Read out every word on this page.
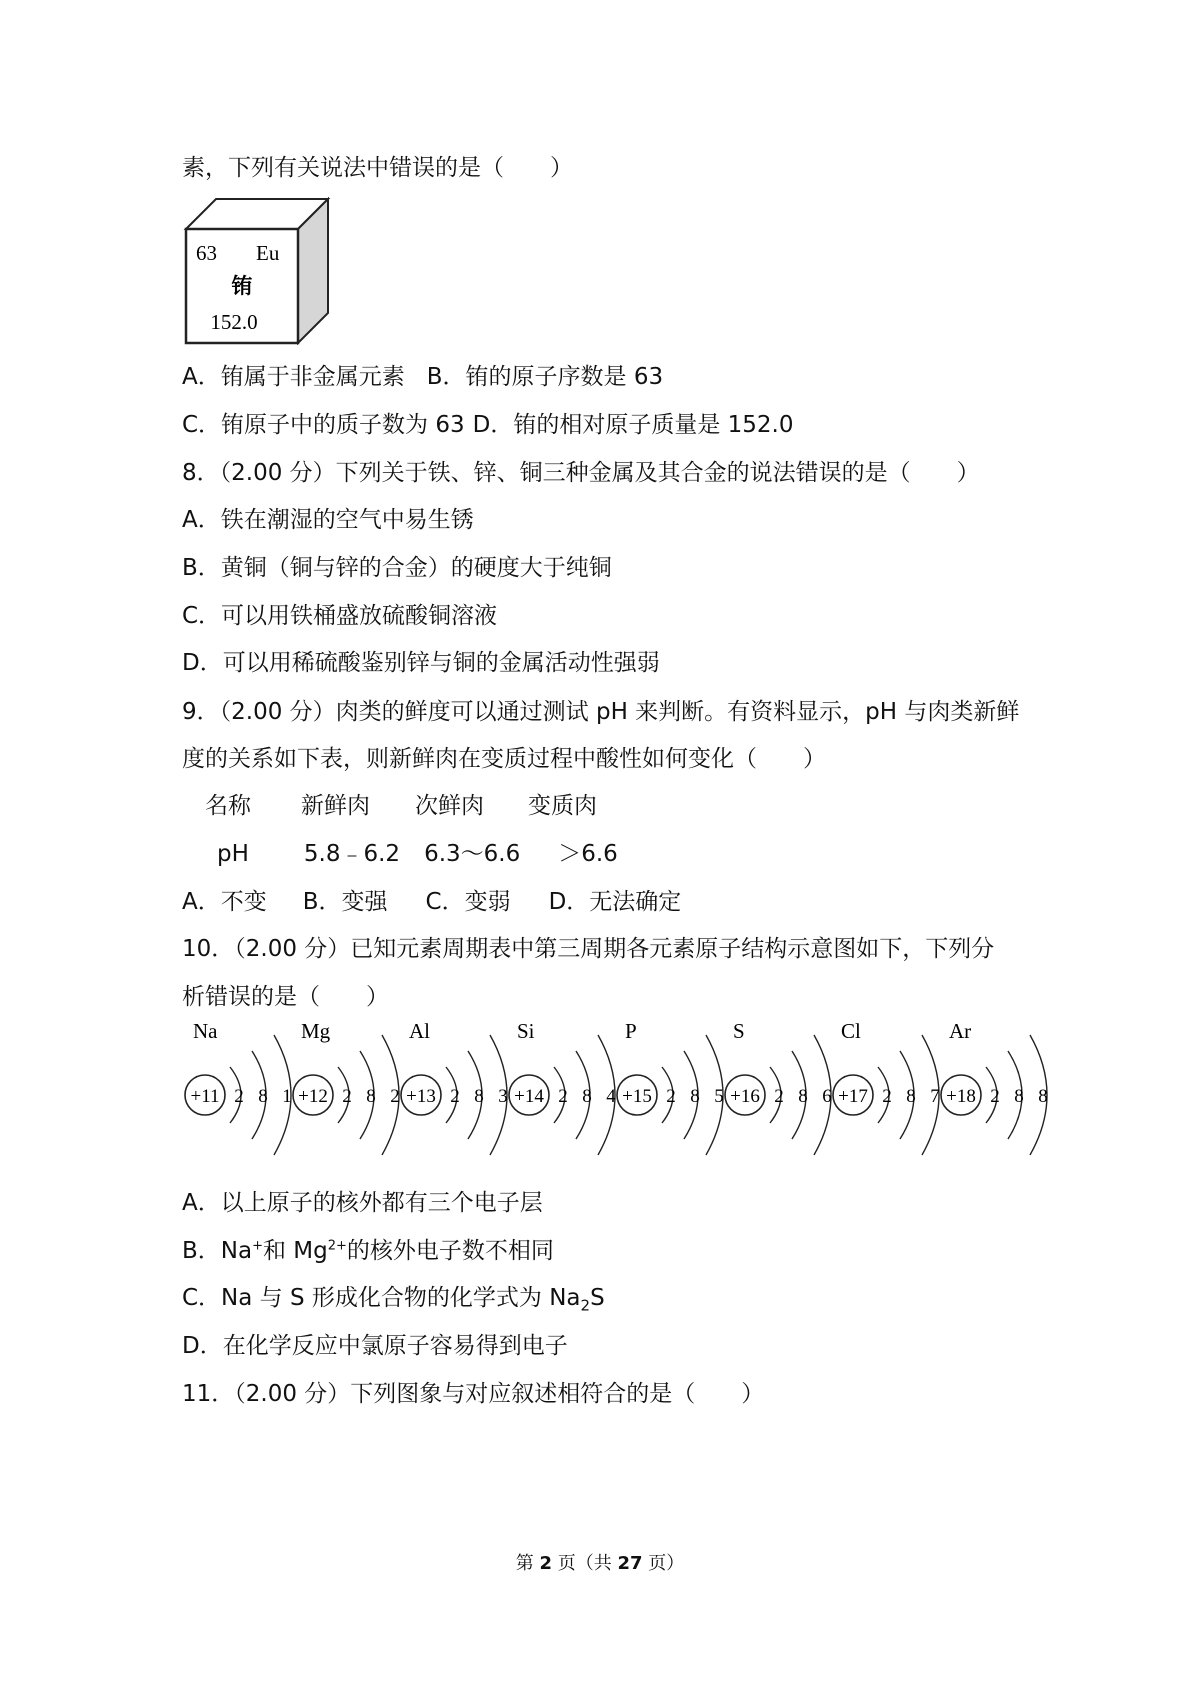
素，下列有关说法中错误的是（　　）
63 Eu
铕
152.0
A．铕属于非金属元素 B．铕的原子序数是 63
C．铕原子中的质子数为 63 D．铕的相对原子质量是 152.0
8．（2.00 分）下列关于铁、锌、铜三种金属及其合金的说法错误的是（　　）
A．铁在潮湿的空气中易生锈
B．黄铜（铜与锌的合金）的硬度大于纯铜
C．可以用铁桶盛放硫酸铜溶液
D．可以用稀硫酸鉴别锌与铜的金属活动性强弱
9．（2.00 分）肉类的鲜度可以通过测试 pH 来判断。有资料显示，pH 与肉类新鲜
度的关系如下表，则新鲜肉在变质过程中酸性如何变化（　　）
名称 新鲜肉 次鲜肉 变质肉
pH 5.8﹣6.2 6.3～6.6 ＞6.6
A．不变 B．变强 C．变弱 D．无法确定
10．（2.00 分）已知元素周期表中第三周期各元素原子结构示意图如下，下列分
析错误的是（　　）
Na
+11 2 8 1
Mg
+12 2 8 2
Al
+13 2 8 3
Si
+14 2 8 4
P
+15 2 8 5
S
+16 2 8 6
Cl
+17 2 8 7
Ar
+18 2 8 8
A．以上原子的核外都有三个电子层
B．Na+和 $Mg^{2+}$的核外电子数不相同
C．Na 与 S 形成化合物的化学式为 $Na_2S$
D．在化学反应中氯原子容易得到电子
11．（2.00 分）下列图象与对应叙述相符合的是（　　）
第 2 页（共 27 页）
